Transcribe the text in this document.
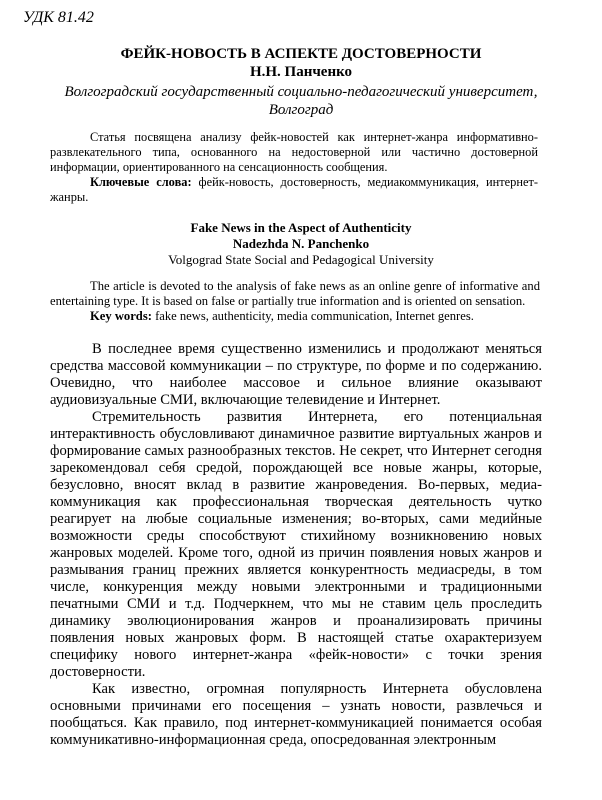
УДК 81.42
ФЕЙК-НОВОСТЬ В АСПЕКТЕ ДОСТОВЕРНОСТИ
Н.Н. Панченко
Волгоградский государственный социально-педагогический университет,
Волгоград

Статья посвящена анализу фейк-новостей как интернет-жанра информативно-развлекательного типа, основанного на недостоверной или частично достоверной информации, ориентированного на сенсационность сообщения.

Ключевые слова: фейк-новость, достоверность, медиакоммуникация, интернет-жанры.

Fake News in the Aspect of Authenticity
Nadezhda N. Panchenko
Volgograd State Social and Pedagogical University

The article is devoted to the analysis of fake news as an online genre of informative and entertaining type. It is based on false or partially true information and is oriented on sensation.

Key words: fake news, authenticity, media communication, Internet genres.

В последнее время существенно изменились и продолжают меняться средства массовой коммуникации – по структуре, по форме и по содержанию. Очевидно, что наиболее массовое и сильное влияние оказывают аудиовизуальные СМИ, включающие телевидение и Интернет.

Стремительность развития Интернета, его потенциальная интерактивность обусловливают динамичное развитие виртуальных жанров и формирование самых разнообразных текстов. Не секрет, что Интернет сегодня зарекомендовал себя средой, порождающей все новые жанры, которые, безусловно, вносят вклад в развитие жанроведения. Во-первых, медиа-коммуникация как профессиональная творческая деятельность чутко реагирует на любые социальные изменения; во-вторых, сами медийные возможности среды способствуют стихийному возникновению новых жанровых моделей. Кроме того, одной из причин появления новых жанров и размывания границ прежних является конкурентность медиасреды, в том числе, конкуренция между новыми электронными и традиционными печатными СМИ и т.д. Подчеркнем, что мы не ставим цель проследить динамику эволюционирования жанров и проанализировать причины появления новых жанровых форм. В настоящей статье охарактеризуем специфику нового интернет-жанра «фейк-новости» с точки зрения достоверности.

Как известно, огромная популярность Интернета обусловлена основными причинами его посещения – узнать новости, развлечься и пообщаться. Как правило, под интернет-коммуникацией понимается особая коммуникативно-информационная среда, опосредованная электронным
